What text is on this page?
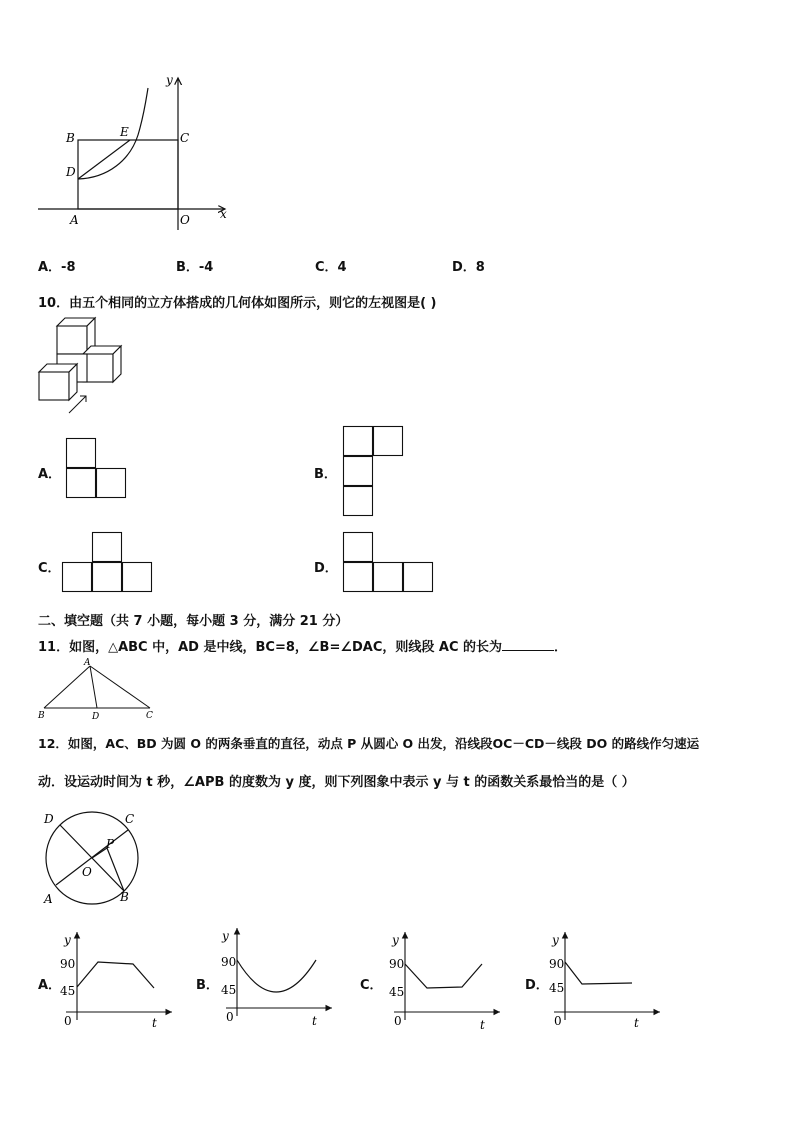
y
x
B	E	C
D
A	O
A．-8	B．-4	C．4	D．8
10．由五个相同的立方体搭成的几何体如图所示，则它的左视图是( )
A．	B．
C．	D．
二、填空题（共 7 小题，每小题 3 分，满分 21 分）
11．如图，△ABC 中，AD 是中线，BC=8，∠B=∠DAC，则线段 AC 的长为	．
A
B	D	C
12．如图，AC、BD 为圆 O 的两条垂直的直径，动点 P 从圆心 O 出发，沿线段OC－CD－线段 DO 的路线作匀速运
动．设运动时间为 t 秒，∠APB 的度数为 y 度，则下列图象中表示 y 与 t 的函数关系最恰当的是（ ）
D	C
P
O
A	B
A．
y
90
45
0	t
B．
y
90
45
0	t
C．
y
90
45
0	t
D．
y
90
45
0	t
